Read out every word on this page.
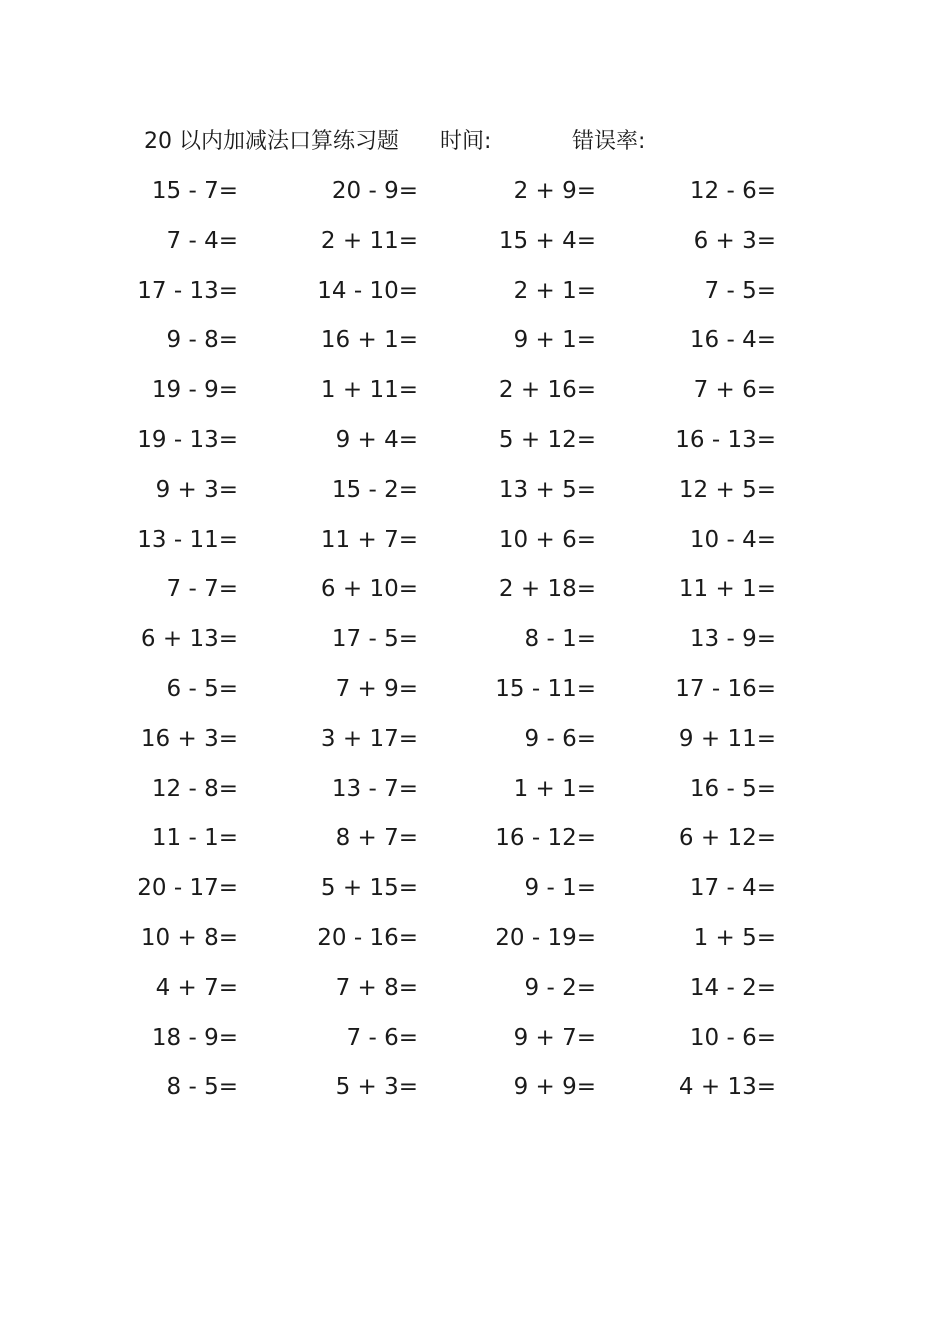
20 以内加减法口算练习题 时间:	错误率:
15 - 7=	20 - 9=	2 + 9=	12 - 6=
7 - 4=	2 + 11=	15 + 4=	6 + 3=
17 - 13=	14 - 10=	2 + 1=	7 - 5=
9 - 8=	16 + 1=	9 + 1=	16 - 4=
19 - 9=	1 + 11=	2 + 16=	7 + 6=
19 - 13=	9 + 4=	5 + 12=	16 - 13=
9 + 3=	15 - 2=	13 + 5=	12 + 5=
13 - 11=	11 + 7=	10 + 6=	10 - 4=
7 - 7=	6 + 10=	2 + 18=	11 + 1=
6 + 13=	17 - 5=	8 - 1=	13 - 9=
6 - 5=	7 + 9=	15 - 11=	17 - 16=
16 + 3=	3 + 17=	9 - 6=	9 + 11=
12 - 8=	13 - 7=	1 + 1=	16 - 5=
11 - 1=	8 + 7=	16 - 12=	6 + 12=
20 - 17=	5 + 15=	9 - 1=	17 - 4=
10 + 8=	20 - 16=	20 - 19=	1 + 5=
4 + 7=	7 + 8=	9 - 2=	14 - 2=
18 - 9=	7 - 6=	9 + 7=	10 - 6=
8 - 5=	5 + 3=	9 + 9=	4 + 13=
